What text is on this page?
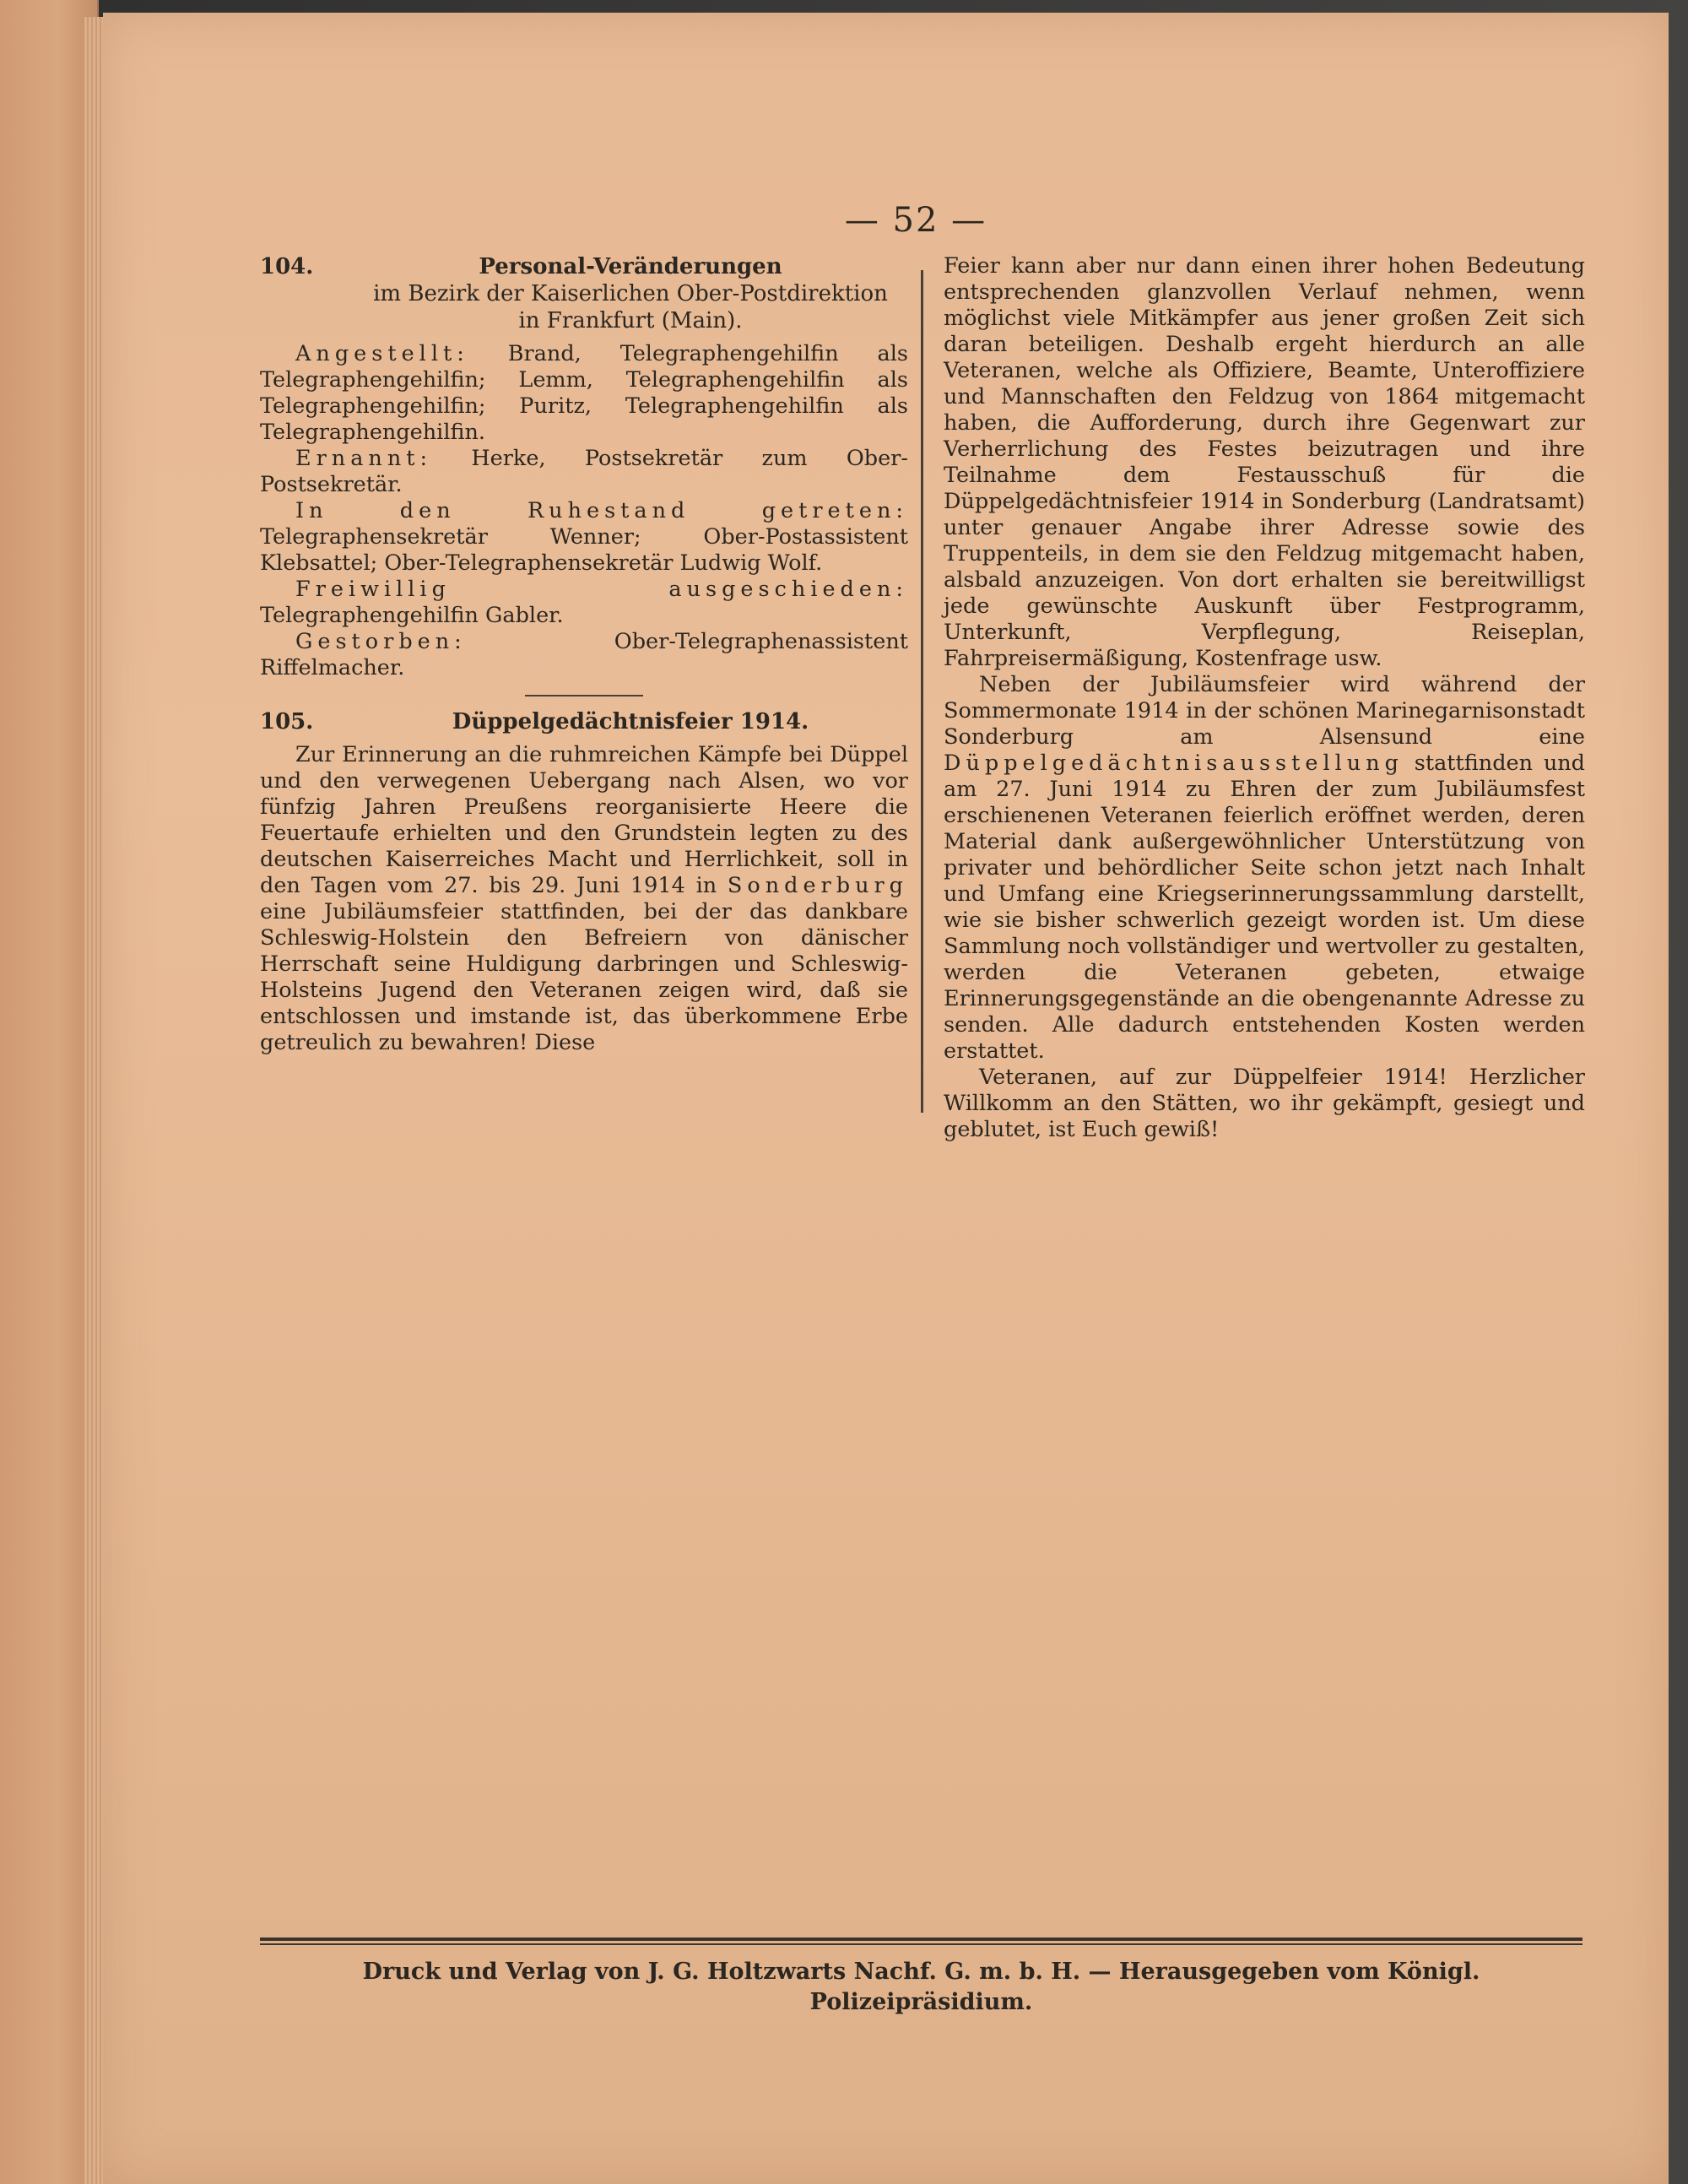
— 52 —
104.	Personal-Veränderungen
im Bezirk der Kaiserlichen Ober-Postdirektion
in Frankfurt (Main).

Angestellt: Brand, Telegraphengehilfin als Telegraphengehilfin; Lemm, Telegraphengehilfin als Telegraphengehilfin; Puritz, Telegraphengehilfin als Telegraphengehilfin.

Ernannt: Herke, Postsekretär zum Ober-Postsekretär.

In den Ruhestand getreten: Telegraphensekretär Wenner; Ober-Postassistent Klebsattel; Ober-Telegraphensekretär Ludwig Wolf.

Freiwillig ausgeschieden: Telegraphengehilfin Gabler.

Gestorben: Ober-Telegraphenassistent Riffelmacher.

105.	Düppelgedächtnisfeier 1914.

Zur Erinnerung an die ruhmreichen Kämpfe bei Düppel und den verwegenen Uebergang nach Alsen, wo vor fünfzig Jahren Preußens reorganisierte Heere die Feuertaufe erhielten und den Grundstein legten zu des deutschen Kaiserreiches Macht und Herrlichkeit, soll in den Tagen vom 27. bis 29. Juni 1914 in Sonderburg eine Jubiläumsfeier stattfinden, bei der das dankbare Schleswig-Holstein den Befreiern von dänischer Herrschaft seine Huldigung darbringen und Schleswig-Holsteins Jugend den Veteranen zeigen wird, daß sie entschlossen und imstande ist, das überkommene Erbe getreulich zu bewahren! Diese

Feier kann aber nur dann einen ihrer hohen Bedeutung entsprechenden glanzvollen Verlauf nehmen, wenn möglichst viele Mitkämpfer aus jener großen Zeit sich daran beteiligen. Deshalb ergeht hierdurch an alle Veteranen, welche als Offiziere, Beamte, Unteroffiziere und Mannschaften den Feldzug von 1864 mitgemacht haben, die Aufforderung, durch ihre Gegenwart zur Verherrlichung des Festes beizutragen und ihre Teilnahme dem Festausschuß für die Düppelgedächtnisfeier 1914 in Sonderburg (Landratsamt) unter genauer Angabe ihrer Adresse sowie des Truppenteils, in dem sie den Feldzug mitgemacht haben, alsbald anzuzeigen. Von dort erhalten sie bereitwilligst jede gewünschte Auskunft über Festprogramm, Unterkunft, Verpflegung, Reiseplan, Fahrpreisermäßigung, Kostenfrage usw.

Neben der Jubiläumsfeier wird während der Sommermonate 1914 in der schönen Marinegarnisonstadt Sonderburg am Alsensund eine Düppelgedächtnisausstellung stattfinden und am 27. Juni 1914 zu Ehren der zum Jubiläumsfest erschienenen Veteranen feierlich eröffnet werden, deren Material dank außergewöhnlicher Unterstützung von privater und behördlicher Seite schon jetzt nach Inhalt und Umfang eine Kriegserinnerungssammlung darstellt, wie sie bisher schwerlich gezeigt worden ist. Um diese Sammlung noch vollständiger und wertvoller zu gestalten, werden die Veteranen gebeten, etwaige Erinnerungsgegenstände an die obengenannte Adresse zu senden. Alle dadurch entstehenden Kosten werden erstattet.

Veteranen, auf zur Düppelfeier 1914! Herzlicher Willkomm an den Stätten, wo ihr gekämpft, gesiegt und geblutet, ist Euch gewiß!

Druck und Verlag von J. G. Holtzwarts Nachf. G. m. b. H. — Herausgegeben vom Königl. Polizeipräsidium.
